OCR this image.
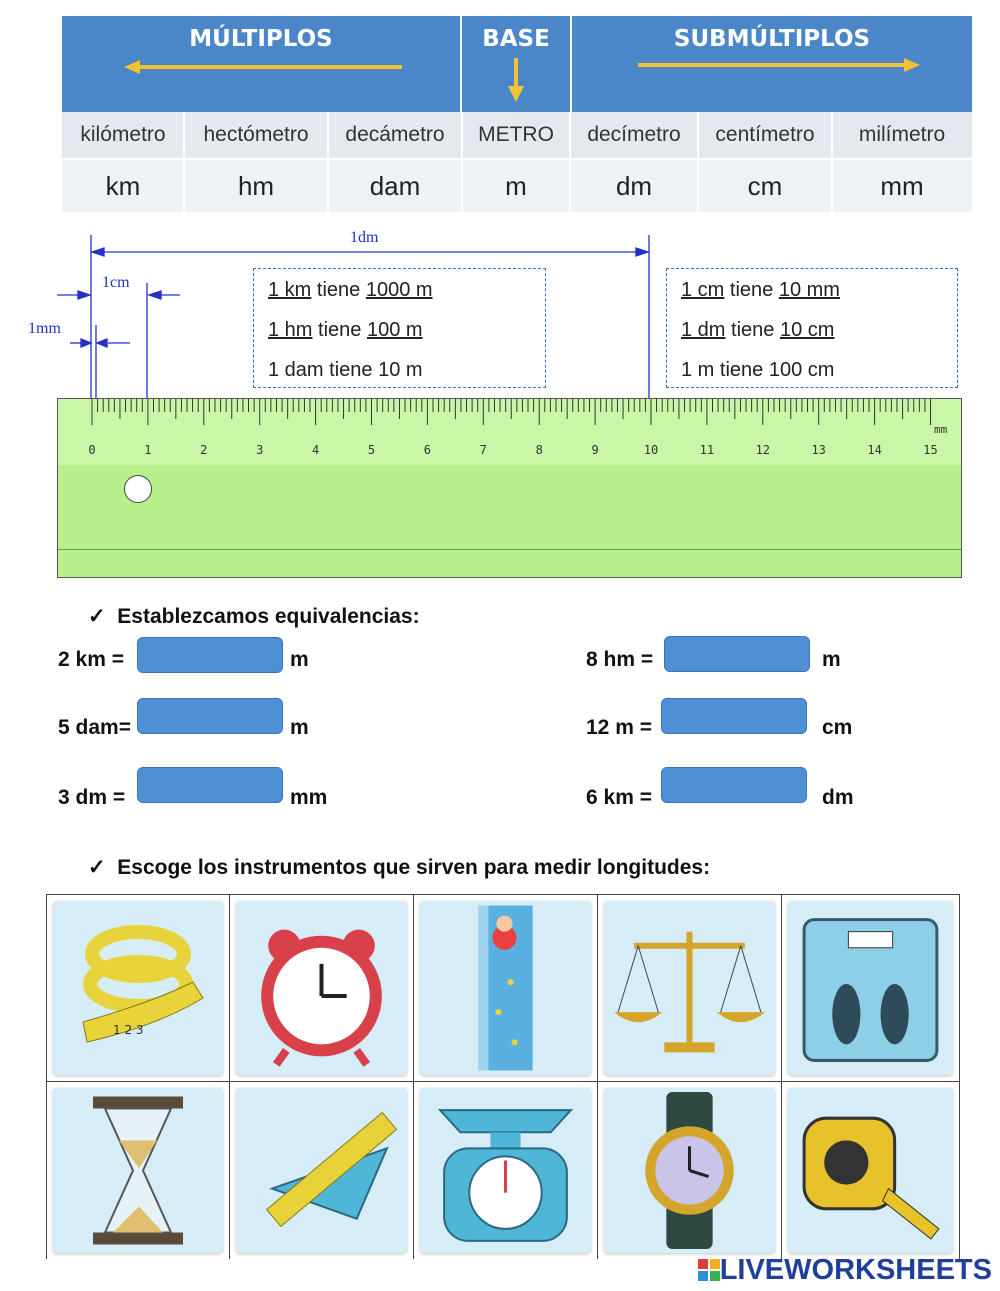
MÚLTIPLOS	BASE	SUBMÚLTIPLOS
kilómetro	hectómetro	decámetro	METRO	decímetro	centímetro	milímetro
km	hm	dam	m	dm	cm	mm
1dm
1cm
1mm
1 km tiene 1000 m
1 hm tiene 100 m
1 dam tiene 10 m
1 cm tiene 10 mm
1 dm tiene 10 cm
1 m tiene 100 cm
0	1	2	3	4	5	6	7	8	9	10	11	12	13	14	15
mm
✓ Establezcamos equivalencias:
2 km =	m	8 hm =	m
5 dam=	m	12 m =	cm
3 dm =	mm	6 km =	dm
✓ Escoge los instrumentos que sirven para medir longitudes:
1 2 3
LIVEWORKSHEETS
